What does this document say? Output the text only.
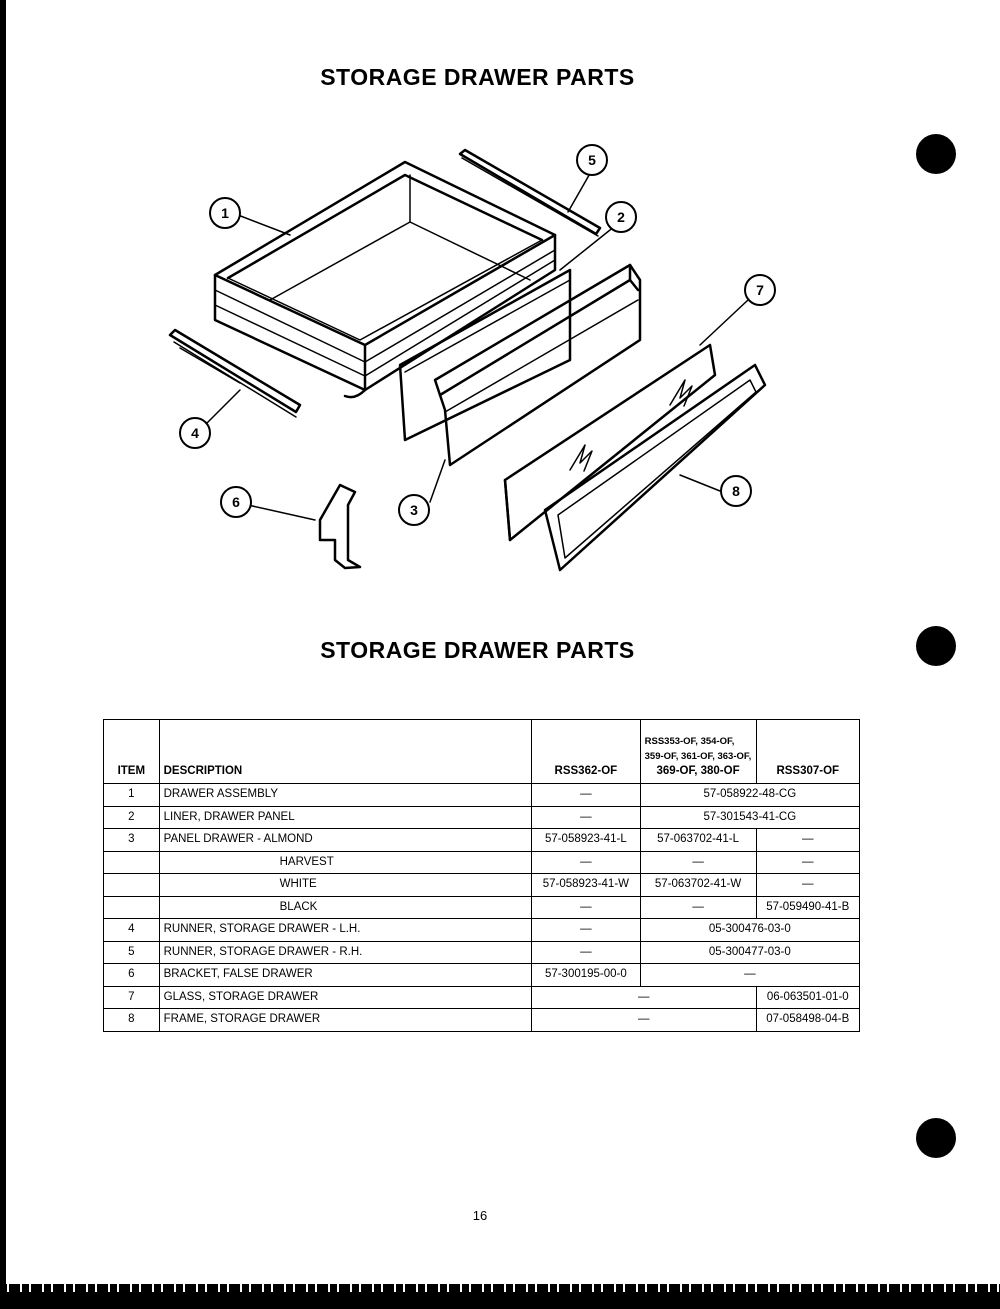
STORAGE DRAWER PARTS
1
5
2
7
4
6	3
8
STORAGE DRAWER PARTS
ITEM	DESCRIPTION	RSS362-OF	RSS353-OF, 354-OF,
359-OF, 361-OF, 363-OF,
369-OF, 380-OF	RSS307-OF
1	DRAWER ASSEMBLY	—	57-058922-48-CG	
2	LINER, DRAWER PANEL	—	57-301543-41-CG	
3	PANEL DRAWER - ALMOND	57-058923-41-L	57-063702-41-L	—
	HARVEST	—	—	—
	WHITE	57-058923-41-W	57-063702-41-W	—
	BLACK	—	—	57-059490-41-B
4	RUNNER, STORAGE DRAWER - L.H.	—	05-300476-03-0	
5	RUNNER, STORAGE DRAWER - R.H.	—	05-300477-03-0	
6	BRACKET, FALSE DRAWER	57-300195-00-0	—	
7	GLASS, STORAGE DRAWER	—		06-063501-01-0
8	FRAME, STORAGE DRAWER	—		07-058498-04-B
16
